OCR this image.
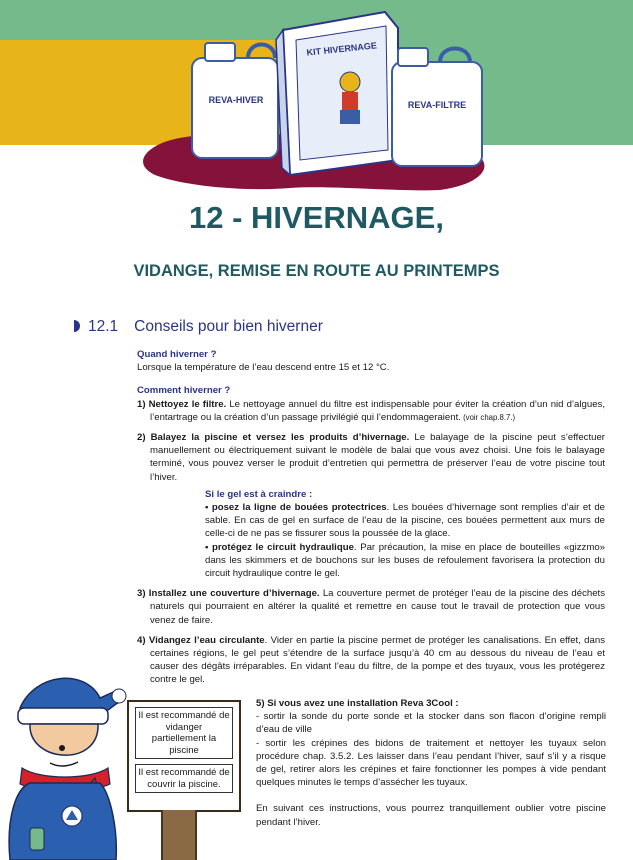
REVA-HIVER
KIT HIVERNAGE
REVA-FILTRE
12 - HIVERNAGE,
VIDANGE, REMISE EN ROUTE AU PRINTEMPS
12.1 Conseils pour bien hiverner

Quand hiverner ?

Lorsque la température de l’eau descend entre 15 et 12 °C.

Comment hiverner ?

1) Nettoyez le filtre. Le nettoyage annuel du filtre est indispensable pour éviter la création d’un nid d’algues, l’entartrage ou la création d’un passage privilégié qui l’endommageraient. (voir chap.8.7.)

2) Balayez la piscine et versez les produits d’hivernage. Le balayage de la piscine peut s’effectuer manuellement ou électriquement suivant le modèle de balai que vous avez choisi. Une fois le balayage terminé, vous pouvez verser le produit d’entretien qui permettra de préserver l’eau de votre piscine tout l’hiver.

Si le gel est à craindre :

• posez la ligne de bouées protectrices. Les bouées d’hivernage sont remplies d’air et de sable. En cas de gel en surface de l’eau de la piscine, ces bouées permettent aux murs de celle-ci de ne pas se fissurer sous la poussée de la glace.

• protégez le circuit hydraulique. Par précaution, la mise en place de bouteilles «gizzmo» dans les skimmers et de bouchons sur les buses de refoulement favorisera la protection du circuit hydraulique contre le gel.

3) Installez une couverture d’hivernage. La couverture permet de protéger l’eau de la piscine des déchets naturels qui pourraient en altérer la qualité et remettre en cause tout le travail de protection que vous venez de faire.

4) Vidangez l’eau circulante. Vider en partie la piscine permet de protéger les canalisations. En effet, dans certaines régions, le gel peut s’étendre de la surface jusqu’à 40 cm au dessous du niveau de l’eau et causer des dégâts irréparables. En vidant l’eau du filtre, de la pompe et des tuyaux, vous les protégerez contre le gel.

5) Si vous avez une installation Reva 3Cool :

- sortir la sonde du porte sonde et la stocker dans son flacon d’origine rempli d’eau de ville

- sortir les crépines des bidons de traitement et nettoyer les tuyaux selon procédure chap. 3.5.2. Les laisser dans l’eau pendant l’hiver, sauf s’il y a risque de gel, retirer alors les crépines et faire fonctionner les pompes à vide pendant quelques minutes le temps d’assécher les tuyaux.

En suivant ces instructions, vous pourrez tranquillement oublier votre piscine pendant l’hiver.

Il est recommandé de vidanger partiellement la piscine
Il est recommandé de couvrir la piscine.
